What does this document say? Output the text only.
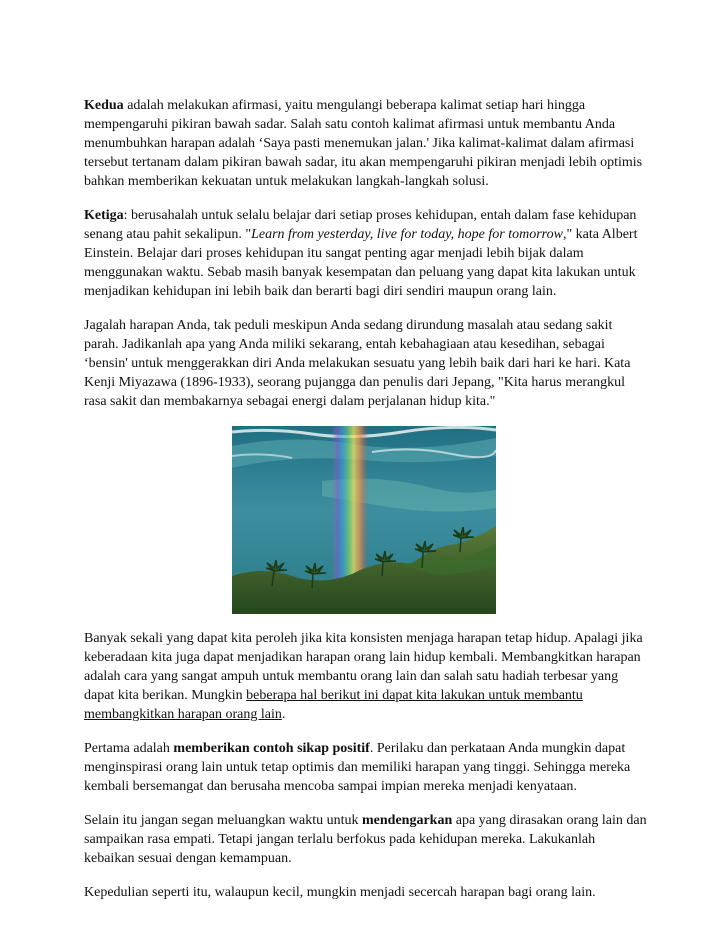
Kedua adalah melakukan afirmasi, yaitu mengulangi beberapa kalimat setiap hari hingga mempengaruhi pikiran bawah sadar. Salah satu contoh kalimat afirmasi untuk membantu Anda menumbuhkan harapan adalah ‘Saya pasti menemukan jalan.' Jika kalimat-kalimat dalam afirmasi tersebut tertanam dalam pikiran bawah sadar, itu akan mempengaruhi pikiran menjadi lebih optimis bahkan memberikan kekuatan untuk melakukan langkah-langkah solusi.

Ketiga: berusahalah untuk selalu belajar dari setiap proses kehidupan, entah dalam fase kehidupan senang atau pahit sekalipun. "Learn from yesterday, live for today, hope for tomorrow," kata Albert Einstein. Belajar dari proses kehidupan itu sangat penting agar menjadi lebih bijak dalam menggunakan waktu. Sebab masih banyak kesempatan dan peluang yang dapat kita lakukan untuk menjadikan kehidupan ini lebih baik dan berarti bagi diri sendiri maupun orang lain.

Jagalah harapan Anda, tak peduli meskipun Anda sedang dirundung masalah atau sedang sakit parah. Jadikanlah apa yang Anda miliki sekarang, entah kebahagiaan atau kesedihan, sebagai ‘bensin' untuk menggerakkan diri Anda melakukan sesuatu yang lebih baik dari hari ke hari. Kata Kenji Miyazawa (1896-1933), seorang pujangga dan penulis dari Jepang, "Kita harus merangkul rasa sakit dan membakarnya sebagai energi dalam perjalanan hidup kita."

Banyak sekali yang dapat kita peroleh jika kita konsisten menjaga harapan tetap hidup. Apalagi jika keberadaan kita juga dapat menjadikan harapan orang lain hidup kembali. Membangkitkan harapan adalah cara yang sangat ampuh untuk membantu orang lain dan salah satu hadiah terbesar yang dapat kita berikan. Mungkin beberapa hal berikut ini dapat kita lakukan untuk membantu membangkitkan harapan orang lain.

Pertama adalah memberikan contoh sikap positif. Perilaku dan perkataan Anda mungkin dapat menginspirasi orang lain untuk tetap optimis dan memiliki harapan yang tinggi. Sehingga mereka kembali bersemangat dan berusaha mencoba sampai impian mereka menjadi kenyataan.

Selain itu jangan segan meluangkan waktu untuk mendengarkan apa yang dirasakan orang lain dan sampaikan rasa empati. Tetapi jangan terlalu berfokus pada kehidupan mereka. Lakukanlah kebaikan sesuai dengan kemampuan.

Kepedulian seperti itu, walaupun kecil, mungkin menjadi secercah harapan bagi orang lain.
